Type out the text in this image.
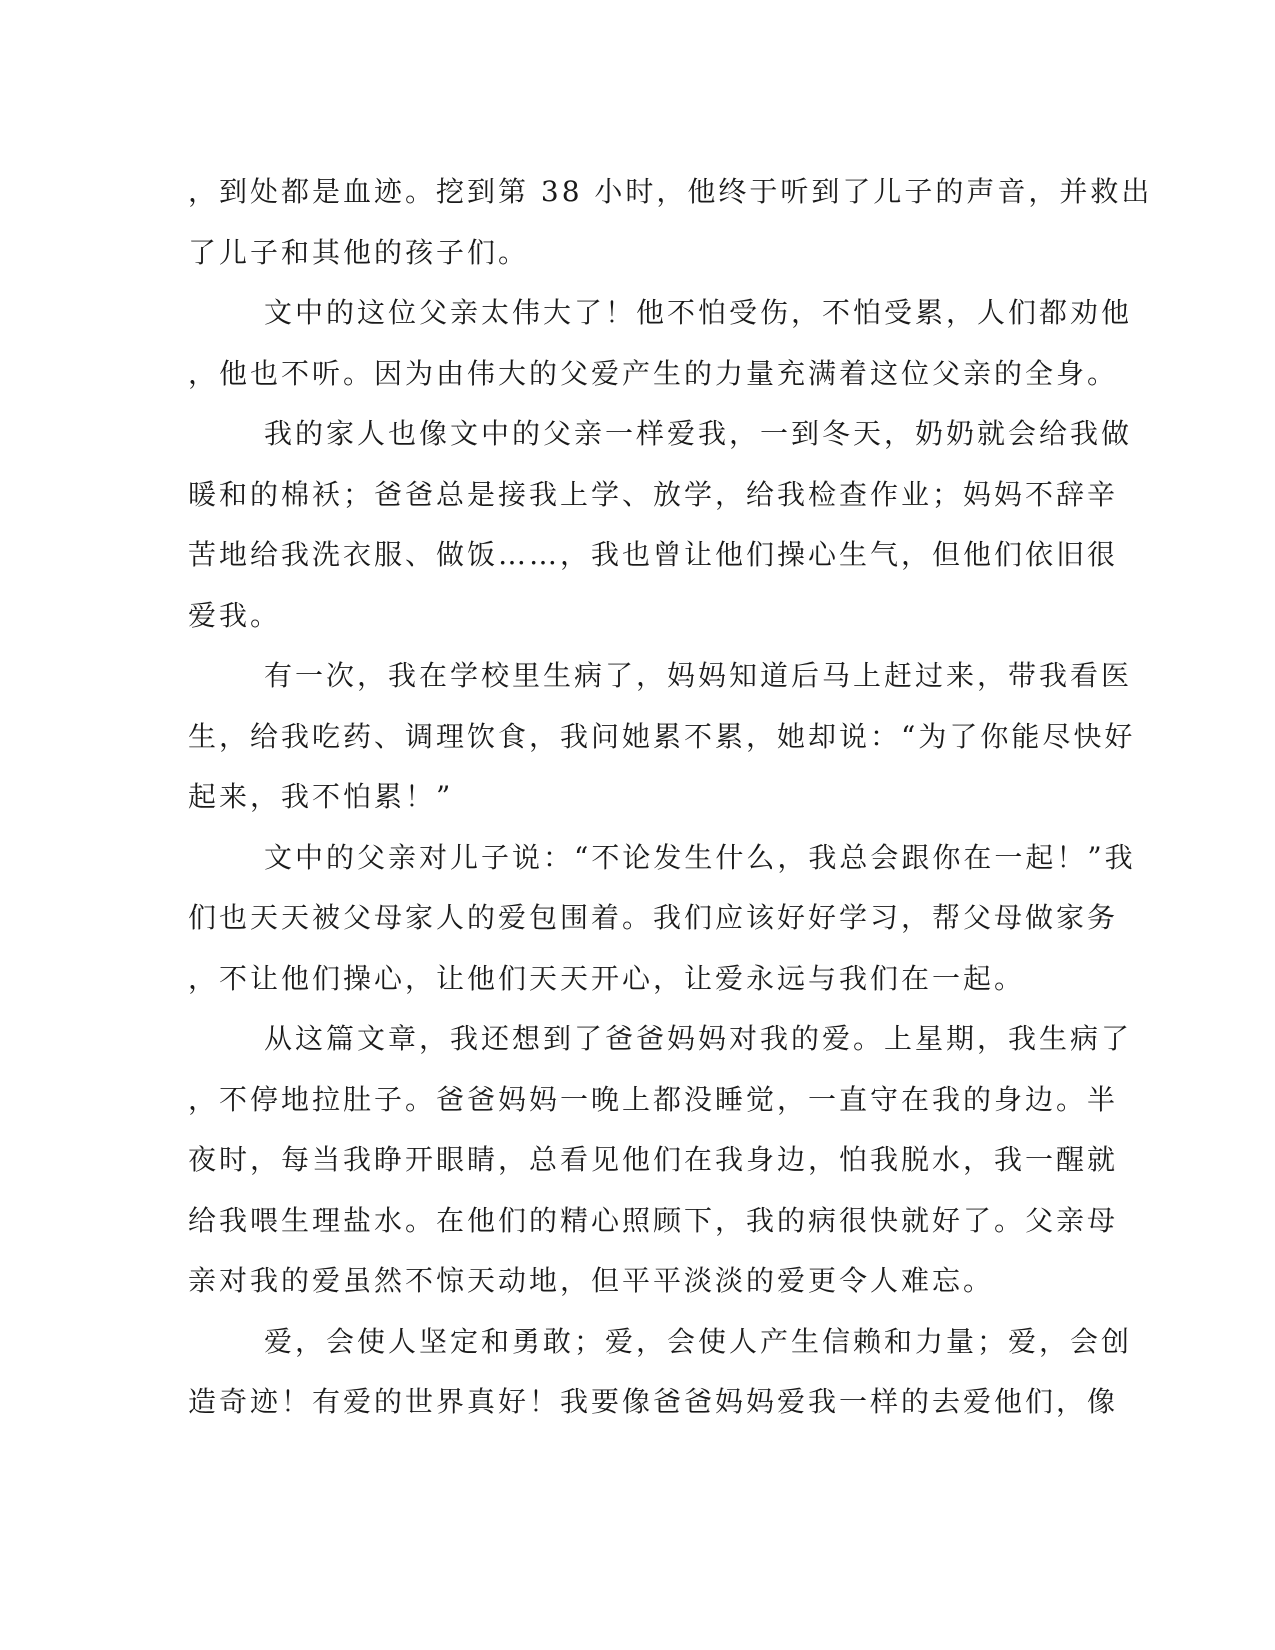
，到处都是血迹。挖到第 38 小时，他终于听到了儿子的声音，并救出
了儿子和其他的孩子们。
文中的这位父亲太伟大了！他不怕受伤，不怕受累，人们都劝他
，他也不听。因为由伟大的父爱产生的力量充满着这位父亲的全身。
我的家人也像文中的父亲一样爱我，一到冬天，奶奶就会给我做
暖和的棉袄；爸爸总是接我上学、放学，给我检查作业；妈妈不辞辛
苦地给我洗衣服、做饭……，我也曾让他们操心生气，但他们依旧很
爱我。
有一次，我在学校里生病了，妈妈知道后马上赶过来，带我看医
生，给我吃药、调理饮食，我问她累不累，她却说：“为了你能尽快好
起来，我不怕累！”
文中的父亲对儿子说：“不论发生什么，我总会跟你在一起！”我
们也天天被父母家人的爱包围着。我们应该好好学习，帮父母做家务
，不让他们操心，让他们天天开心，让爱永远与我们在一起。
从这篇文章，我还想到了爸爸妈妈对我的爱。上星期，我生病了
，不停地拉肚子。爸爸妈妈一晚上都没睡觉，一直守在我的身边。半
夜时，每当我睁开眼睛，总看见他们在我身边，怕我脱水，我一醒就
给我喂生理盐水。在他们的精心照顾下，我的病很快就好了。父亲母
亲对我的爱虽然不惊天动地，但平平淡淡的爱更令人难忘。
爱，会使人坚定和勇敢；爱，会使人产生信赖和力量；爱，会创
造奇迹！有爱的世界真好！我要像爸爸妈妈爱我一样的去爱他们，像
